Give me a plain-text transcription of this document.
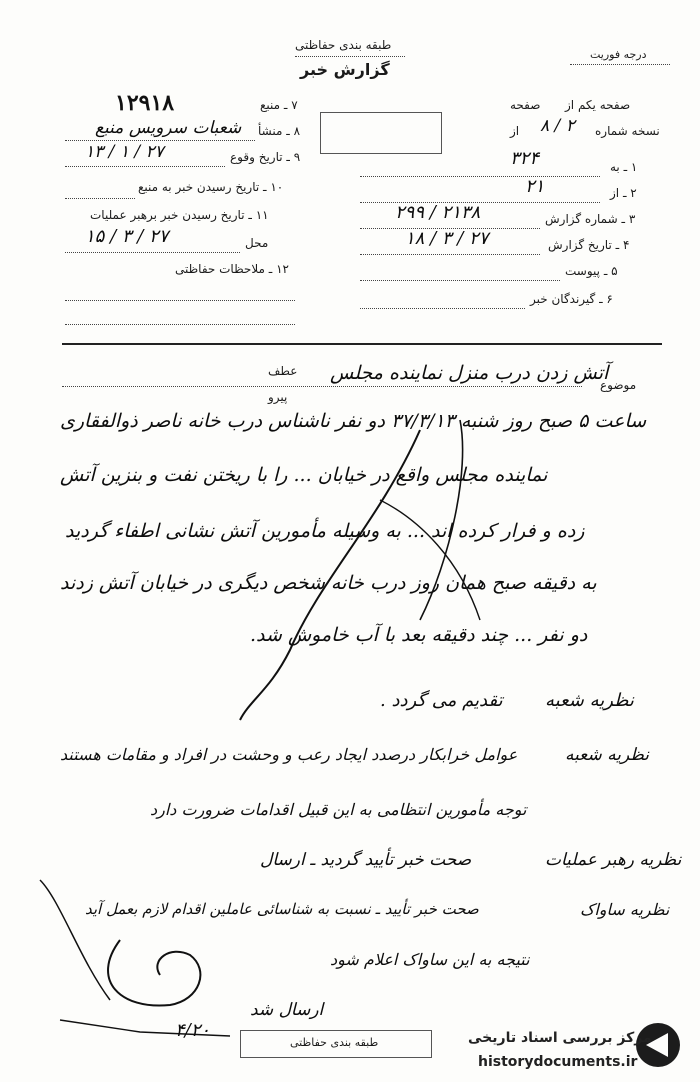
طبقه بندی حفاظتی
گزارش خبر
درجه فوریت
۱۲۹۱۸	۷ ـ منبع
۸ ـ منشأ
شعبات سرویس منبع
۹ ـ تاریخ وقوع
۲۷ / ۱ / ۱۳
۱۰ ـ تاریخ رسیدن خبر به منبع
۱۱ ـ تاریخ رسیدن خبر برهبر عملیات
محل
۲۷ / ۳ / ۱۵
۱۲ ـ ملاحظات حفاظتی
صفحه یکم از
صفحه
نسخه شماره
۲ / ۸
از
۱ ـ به
۳۲۴
۲ ـ از
۲۱
۳ ـ شماره گزارش
۲۱۳۸ / ۲۹۹
۴ ـ تاریخ گزارش
۲۷ / ۳ / ۱۸
۵ ـ پیوست
۶ ـ گیرندگان خبر
موضوع
آتش زدن درب منزل نماینده مجلس
عطف
پیرو
ساعت ۵ صبح روز شنبه ۳۷/۳/۱۳ دو نفر ناشناس درب خانه ناصر ذوالفقاری
نماینده مجلس واقع در خیابان ... را با ریختن نفت و بنزین آتش
زده و فرار کرده اند ... به وسیله مأمورین آتش نشانی اطفاء گردید
به دقیقه صبح همان روز درب خانه شخص دیگری در خیابان آتش زدند
دو نفر ... چند دقیقه بعد با آب خاموش شد.
نظریه شعبه
تقدیم می گردد .
نظریه شعبه
عوامل خرابکار درصدد ایجاد رعب و وحشت در افراد و مقامات هستند
توجه مأمورین انتظامی به این قبیل اقدامات ضرورت دارد
نظریه رهبر عملیات
صحت خبر تأیید گردید ـ ارسال
نظریه ساواک
صحت خبر تأیید ـ نسبت به شناسائی عاملین اقدام لازم بعمل آید
نتیجه به این ساواک اعلام شود
ارسال شد
۴/۲۰
طبقه بندی حفاظتی	مرکز بررسی اسناد تاریخی
historydocuments.ir
